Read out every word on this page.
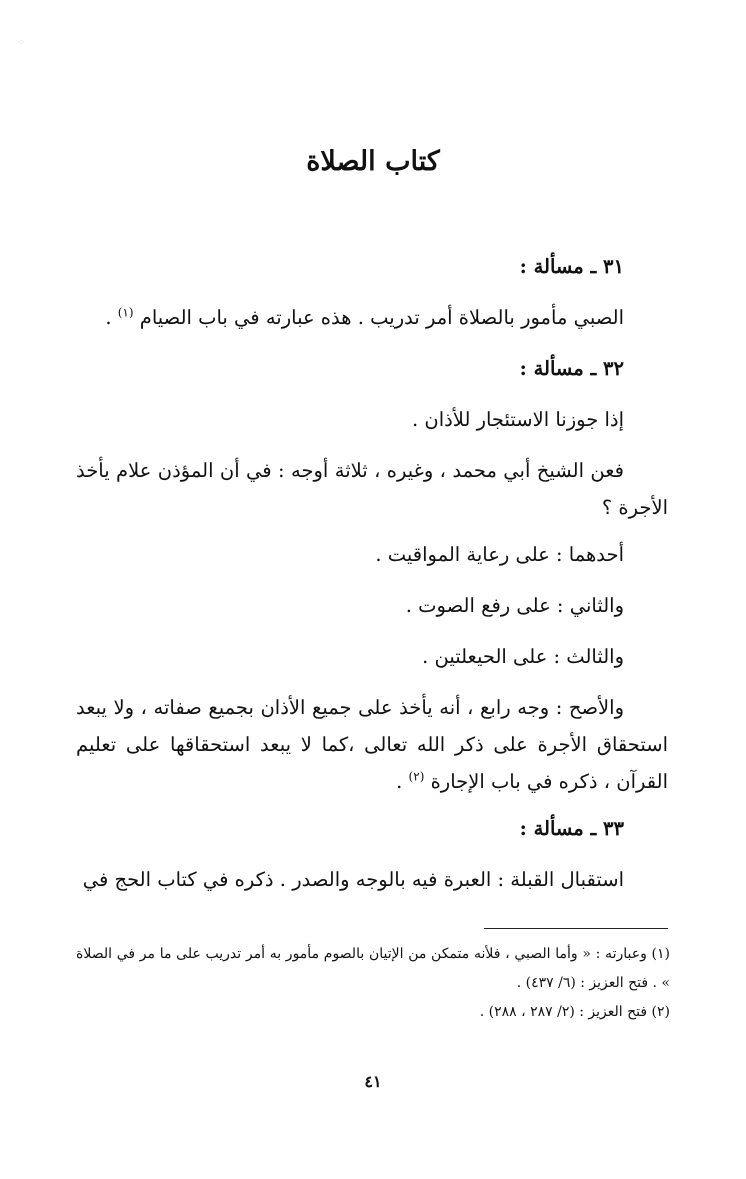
⁘
كتاب الصلاة

٣١ ـ مسألة :

الصبي مأمور بالصلاة أمر تدريب . هذه عبارته في باب الصيام $^{(١)}$ .

٣٢ ـ مسألة :

إذا جوزنا الاستئجار للأذان .

فعن الشيخ أبي محمد ، وغيره ، ثلاثة أوجه : في أن المؤذن علام يأخذ الأجرة ؟

أحدهما : على رعاية المواقيت .

والثاني : على رفع الصوت .

والثالث : على الحيعلتين .

والأصح : وجه رابع ، أنه يأخذ على جميع الأذان بجميع صفاته ، ولا يبعد استحقاق الأجرة على ذكر الله تعالى ،كما لا يبعد استحقاقها على تعليم القرآن ، ذكره في باب الإجارة $^{(٢)}$ .

٣٣ ـ مسألة :

استقبال القبلة : العبرة فيه بالوجه والصدر . ذكره في كتاب الحج في

(١) وعبارته : « وأما الصبي ، فلأنه متمكن من الإتيان بالصوم مأمور به أمر تدريب على ما مر في الصلاة » . فتح العزيز : (٦/ ٤٣٧) .

(٢) فتح العزيز : (٢/ ٢٨٧ ، ٢٨٨) .

٤١
